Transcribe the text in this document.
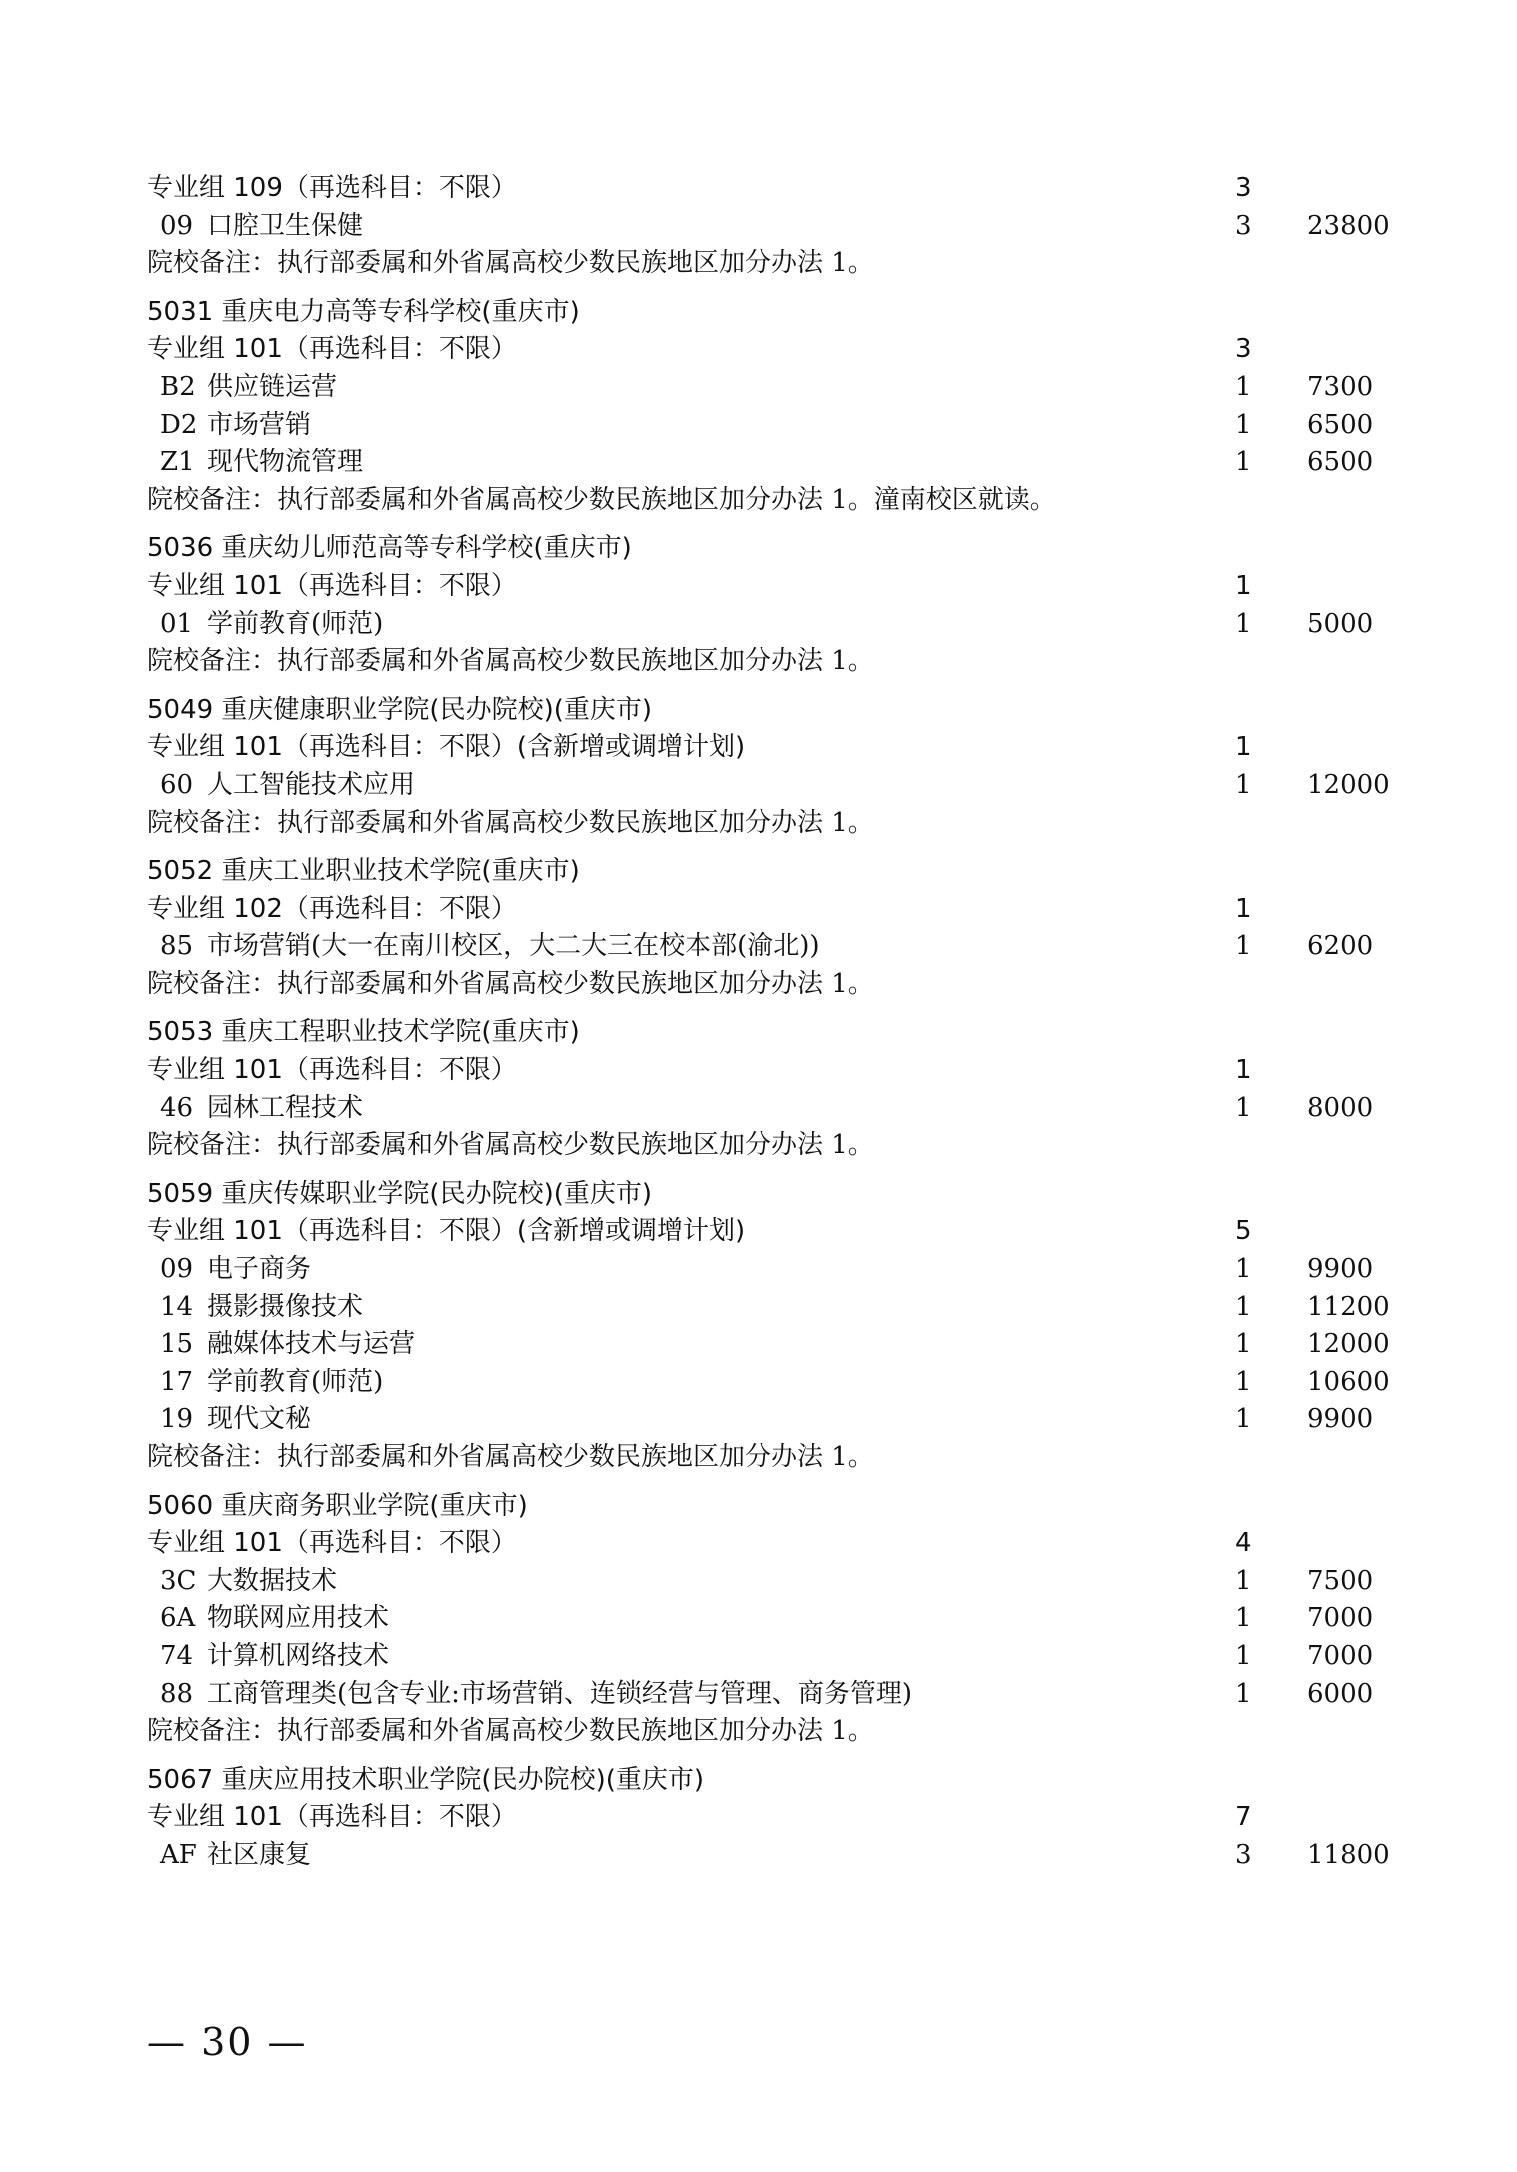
专业组 109（再选科目：不限）	3
09 口腔卫生保健	3	23800
院校备注：执行部委属和外省属高校少数民族地区加分办法 1。
5031 重庆电力高等专科学校(重庆市)
专业组 101（再选科目：不限）	3
B2 供应链运营	1	7300
D2 市场营销	1	6500
Z1 现代物流管理	1	6500
院校备注：执行部委属和外省属高校少数民族地区加分办法 1。潼南校区就读。
5036 重庆幼儿师范高等专科学校(重庆市)
专业组 101（再选科目：不限）	1
01 学前教育(师范)	1	5000
院校备注：执行部委属和外省属高校少数民族地区加分办法 1。
5049 重庆健康职业学院(民办院校)(重庆市)
专业组 101（再选科目：不限）(含新增或调增计划)	1
60 人工智能技术应用	1	12000
院校备注：执行部委属和外省属高校少数民族地区加分办法 1。
5052 重庆工业职业技术学院(重庆市)
专业组 102（再选科目：不限）	1
85 市场营销(大一在南川校区，大二大三在校本部(渝北))	1	6200
院校备注：执行部委属和外省属高校少数民族地区加分办法 1。
5053 重庆工程职业技术学院(重庆市)
专业组 101（再选科目：不限）	1
46 园林工程技术	1	8000
院校备注：执行部委属和外省属高校少数民族地区加分办法 1。
5059 重庆传媒职业学院(民办院校)(重庆市)
专业组 101（再选科目：不限）(含新增或调增计划)	5
09 电子商务	1	9900
14 摄影摄像技术	1	11200
15 融媒体技术与运营	1	12000
17 学前教育(师范)	1	10600
19 现代文秘	1	9900
院校备注：执行部委属和外省属高校少数民族地区加分办法 1。
5060 重庆商务职业学院(重庆市)
专业组 101（再选科目：不限）	4
3C 大数据技术	1	7500
6A 物联网应用技术	1	7000
74 计算机网络技术	1	7000
88 工商管理类(包含专业:市场营销、连锁经营与管理、商务管理)	1	6000
院校备注：执行部委属和外省属高校少数民族地区加分办法 1。
5067 重庆应用技术职业学院(民办院校)(重庆市)
专业组 101（再选科目：不限）	7
AF 社区康复	3	11800
— 30 —
